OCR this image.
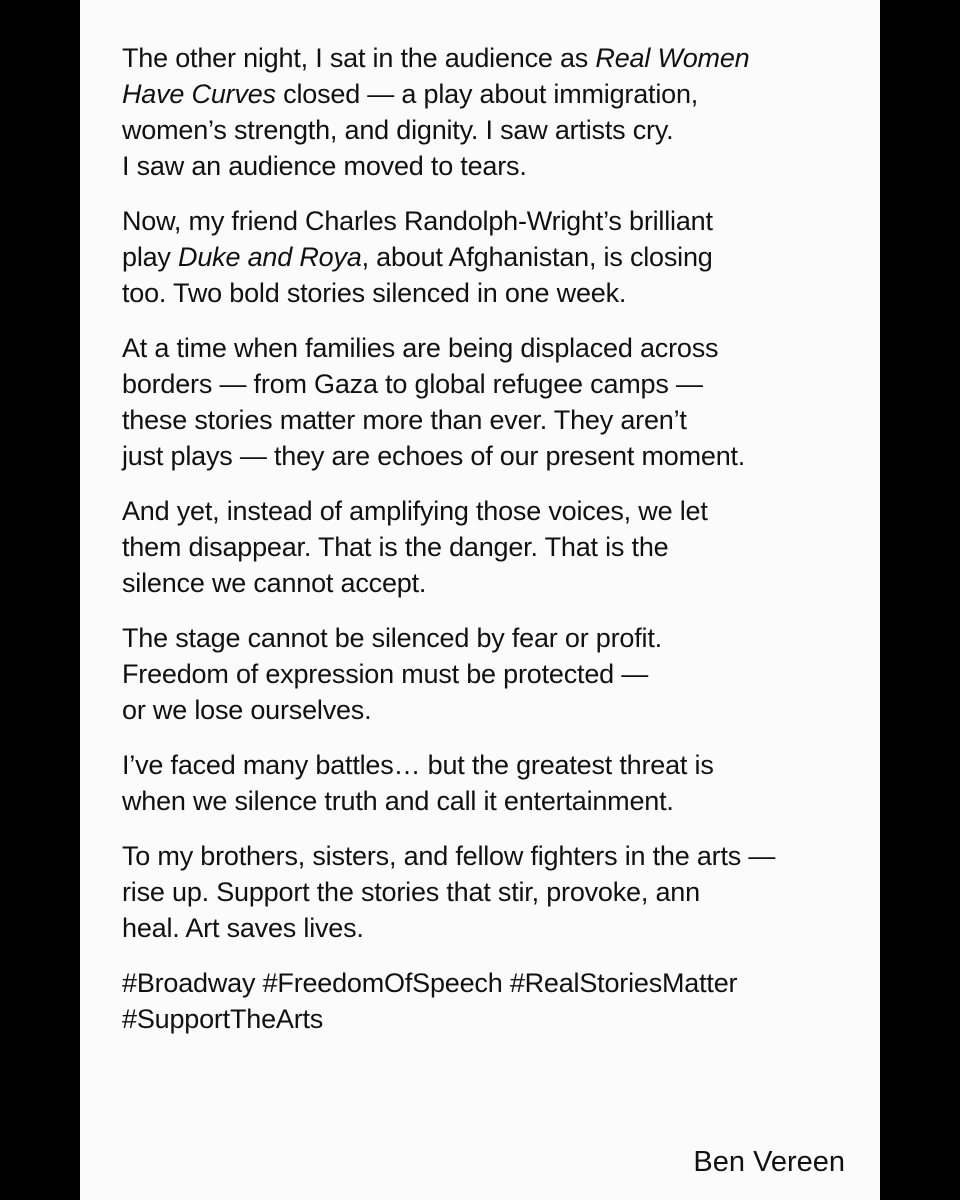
The other night, I sat in the audience as Real Women
Have Curves closed — a play about immigration,
women’s strength, and dignity. I saw artists cry.
I saw an audience moved to tears.

Now, my friend Charles Randolph-Wright’s brilliant
play Duke and Roya, about Afghanistan, is closing
too. Two bold stories silenced in one week.

At a time when families are being displaced across
borders — from Gaza to global refugee camps —
these stories matter more than ever. They aren’t
just plays — they are echoes of our present moment.

And yet, instead of amplifying those voices, we let
them disappear. That is the danger. That is the
silence we cannot accept.

The stage cannot be silenced by fear or profit.
Freedom of expression must be protected —
or we lose ourselves.

I’ve faced many battles… but the greatest threat is
when we silence truth and call it entertainment.

To my brothers, sisters, and fellow fighters in the arts —
rise up. Support the stories that stir, provoke, ann
heal. Art saves lives.

#Broadway #FreedomOfSpeech #RealStoriesMatter
#SupportTheArts

Ben Vereen
